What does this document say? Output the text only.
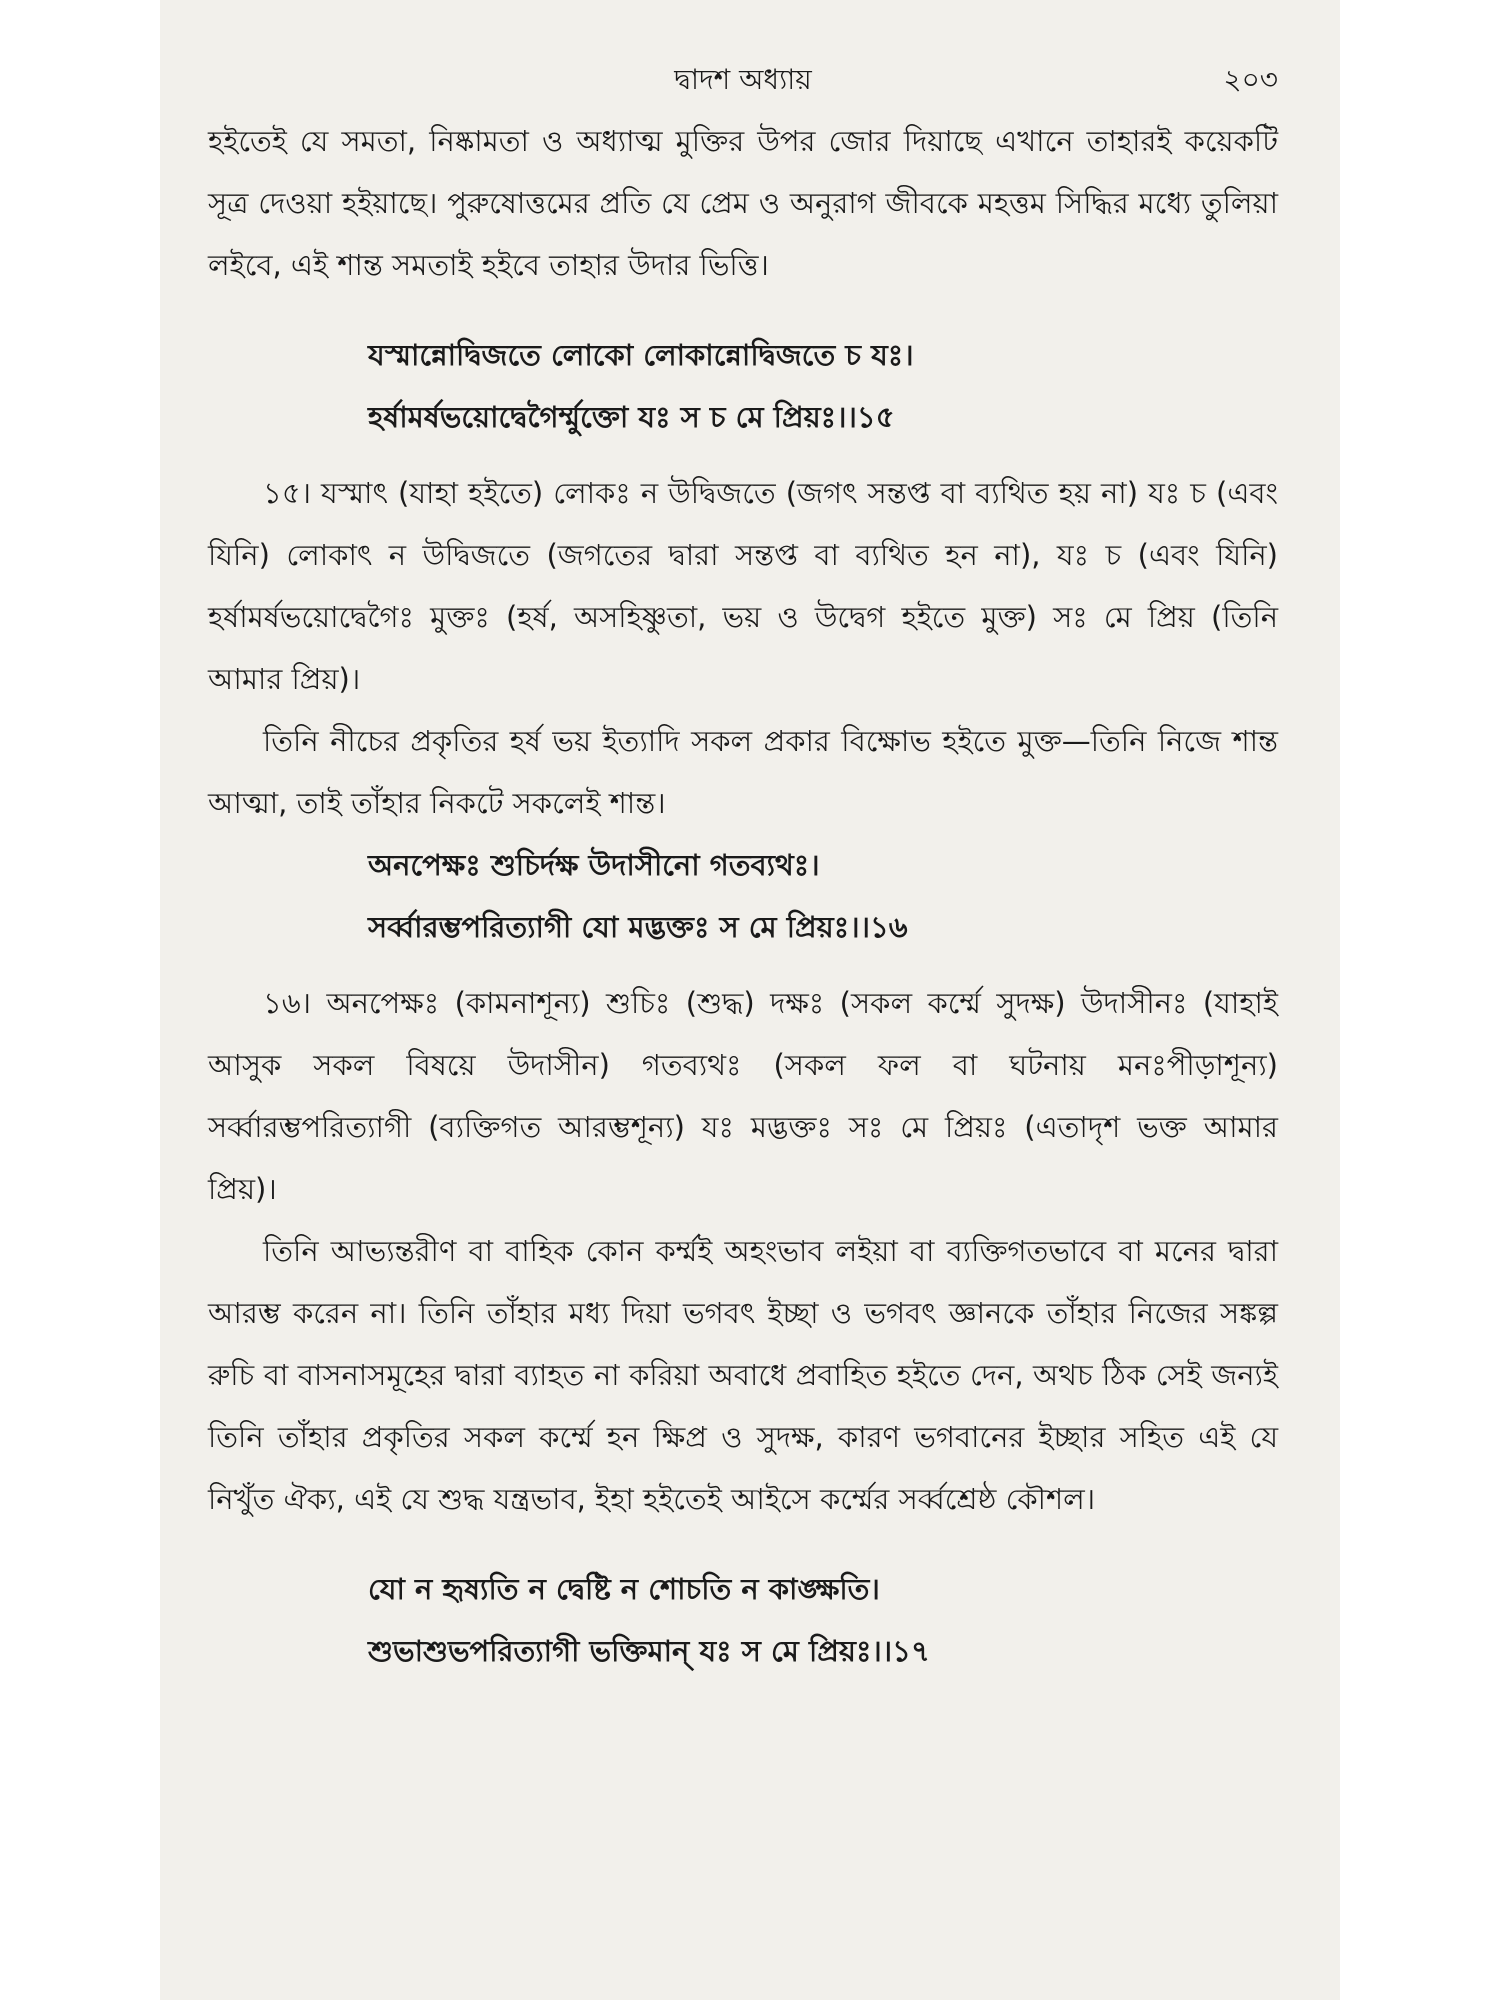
দ্বাদশ অধ্যায়	২০৩

হইতেই যে সমতা, নিষ্কামতা ও অধ্যাত্ম মুক্তির উপর জোর দিয়াছে এখানে তাহারই কয়েকটি সূত্র দেওয়া হইয়াছে। পুরুষোত্তমের প্রতি যে প্রেম ও অনুরাগ জীবকে মহত্তম সিদ্ধির মধ্যে তুলিয়া লইবে, এই শান্ত সমতাই হইবে তাহার উদার ভিত্তি।

যস্মান্নোদ্বিজতে লোকো লোকান্নোদ্বিজতে চ যঃ।

হর্ষামর্ষভয়োদ্বেগৈর্ম্মুক্তো যঃ স চ মে প্রিয়ঃ।।১৫

১৫। যস্মাৎ (যাহা হইতে) লোকঃ ন উদ্বিজতে (জগৎ সন্তপ্ত বা ব্যথিত হয় না) যঃ চ (এবং যিনি) লোকাৎ ন উদ্বিজতে (জগতের দ্বারা সন্তপ্ত বা ব্যথিত হন না), যঃ চ (এবং যিনি) হর্ষামর্ষভয়োদ্বেগৈঃ মুক্তঃ (হর্ষ, অসহিষ্ণুতা, ভয় ও উদ্বেগ হইতে মুক্ত) সঃ মে প্রিয় (তিনি আমার প্রিয়)।

তিনি নীচের প্রকৃতির হর্ষ ভয় ইত্যাদি সকল প্রকার বিক্ষোভ হইতে মুক্ত—তিনি নিজে শান্ত আত্মা, তাই তাঁহার নিকটে সকলেই শান্ত।

অনপেক্ষঃ শুচির্দক্ষ উদাসীনো গতব্যথঃ।

সর্ব্বারম্ভপরিত্যাগী যো মদ্ভক্তঃ স মে প্রিয়ঃ।।১৬

১৬। অনপেক্ষঃ (কামনাশূন্য) শুচিঃ (শুদ্ধ) দক্ষঃ (সকল কর্ম্মে সুদক্ষ) উদাসীনঃ (যাহাই আসুক সকল বিষয়ে উদাসীন) গতব্যথঃ (সকল ফল বা ঘটনায় মনঃপীড়াশূন্য) সর্ব্বারম্ভপরিত্যাগী (ব্যক্তিগত আরম্ভশূন্য) যঃ মদ্ভক্তঃ সঃ মে প্রিয়ঃ (এতাদৃশ ভক্ত আমার প্রিয়)।

তিনি আভ্যন্তরীণ বা বাহিক কোন কর্ম্মই অহংভাব লইয়া বা ব্যক্তিগতভাবে বা মনের দ্বারা আরম্ভ করেন না। তিনি তাঁহার মধ্য দিয়া ভগবৎ ইচ্ছা ও ভগবৎ জ্ঞানকে তাঁহার নিজের সঙ্কল্প রুচি বা বাসনাসমূহের দ্বারা ব্যাহত না করিয়া অবাধে প্রবাহিত হইতে দেন, অথচ ঠিক সেই জন্যই তিনি তাঁহার প্রকৃতির সকল কর্ম্মে হন ক্ষিপ্র ও সুদক্ষ, কারণ ভগবানের ইচ্ছার সহিত এই যে নিখুঁত ঐক্য, এই যে শুদ্ধ যন্ত্রভাব, ইহা হইতেই আইসে কর্ম্মের সর্ব্বশ্রেষ্ঠ কৌশল।

যো ন হৃষ্যতি ন দ্বেষ্টি ন শোচতি ন কাঙ্ক্ষতি।

শুভাশুভপরিত্যাগী ভক্তিমান্ যঃ স মে প্রিয়ঃ।।১৭
